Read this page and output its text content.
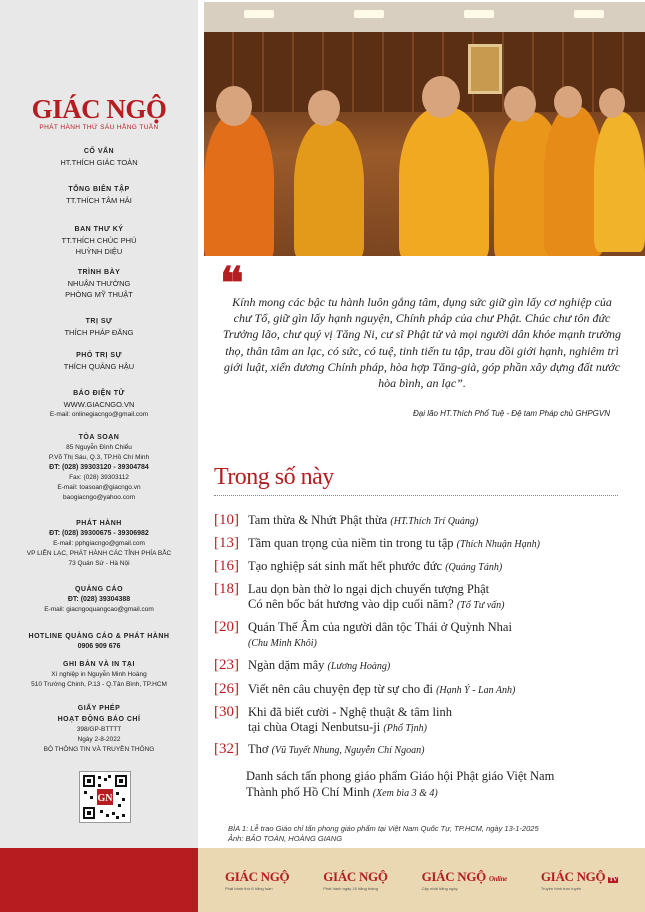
GIÁC NGỘ
PHÁT HÀNH THỨ SÁU HẰNG TUẦN
CỐ VẤN
HT.THÍCH GIÁC TOÀN
TỔNG BIÊN TẬP
TT.THÍCH TÂM HẢI
BAN THƯ KÝ
TT.THÍCH CHÚC PHÚ
HUỲNH DIỆU
TRÌNH BÀY
NHUẬN THƯỜNG
PHÒNG MỸ THUẬT
TRỊ SỰ
THÍCH PHÁP ĐĂNG
PHÓ TRỊ SỰ
THÍCH QUẢNG HẬU
BÁO ĐIỆN TỬ
WWW.GIACNGO.VN
E-mail: onlinegiacngo@gmail.com
TÒA SOẠN
85 Nguyễn Đình Chiểu
P.Võ Thị Sáu, Q.3, TP.Hồ Chí Minh
ĐT: (028) 39303120 - 39304784
Fax: (028) 39303112
E-mail: toasoan@giacngo.vn
baogiacngo@yahoo.com
PHÁT HÀNH
ĐT: (028) 39300675 - 39306982
E-mail: pphgiacngo@gmail.com
VP LIÊN LẠC, PHÁT HÀNH CÁC TỈNH PHÍA BẮC
73 Quán Sứ - Hà Nội
QUẢNG CÁO
ĐT: (028) 39304388
E-mail: giacngoquangcao@gmail.com
HOTLINE QUẢNG CÁO & PHÁT HÀNH
0906 909 676
GHI BẢN VÀ IN TẠI
Xí nghiệp in Nguyễn Minh Hoàng
510 Trường Chinh, P.13 - Q.Tân Bình, TP.HCM
GIẤY PHÉP
HOẠT ĐỘNG BÁO CHÍ
398/GP-BTTTT
Ngày 2-8-2022
BỘ THÔNG TIN VÀ TRUYỀN THÔNG
GN
❝
Kính mong các bậc tu hành luôn gắng tâm, dụng sức giữ gìn lấy cơ nghiệp của chư Tổ, giữ gìn lấy hạnh nguyện, Chính pháp của chư Phật. Chúc chư tôn đức Trưởng lão, chư quý vị Tăng Ni, cư sĩ Phật tử và mọi người dân khỏe mạnh trường thọ, thân tâm an lạc, có sức, có tuệ, tinh tiến tu tập, trau dồi giới hạnh, nghiêm trì giới luật, xiển dương Chính pháp, hòa hợp Tăng-già, góp phần xây dựng đất nước hòa bình, an lạc”.
Đại lão HT.Thích Phổ Tuệ - Đệ tam Pháp chủ GHPGVN
Trong số này
[10] Tam thừa & Nhứt Phật thừa (HT.Thích Trí Quảng)
[13] Tầm quan trọng của niềm tin trong tu tập (Thích Nhuận Hạnh)
[16] Tạo nghiệp sát sinh mất hết phước đức (Quảng Tánh)
[18] Lau dọn bàn thờ lo ngại dịch chuyển tượng Phật
Có nên bốc bát hương vào dịp cuối năm? (Tổ Tư vấn)
[20] Quán Thế Âm của người dân tộc Thái ở Quỳnh Nhai
(Chu Minh Khôi)
[23] Ngàn dặm mây (Lương Hoàng)
[26] Viết nên câu chuyện đẹp từ sự cho đi (Hạnh Ý - Lan Anh)
[30] Khi đã biết cười - Nghệ thuật & tâm linh
tại chùa Otagi Nenbutsu-ji (Phổ Tịnh)
[32] Thơ (Vũ Tuyết Nhung, Nguyễn Chí Ngoan)
Danh sách tấn phong giáo phẩm Giáo hội Phật giáo Việt Nam
Thành phố Hồ Chí Minh (Xem bìa 3 & 4)
BÌA 1: Lễ trao Giáo chỉ tấn phong giáo phẩm tại Việt Nam Quốc Tự, TP.HCM, ngày 13-1-2025
Ảnh: BẢO TOÀN, HOÀNG GIANG
GIÁC NGỘ
Phát hành thứ 6 hằng tuần
GIÁC NGỘ
Phát hành ngày 15 hằng tháng
GIÁC NGỘ Online
Cập nhật hằng ngày
GIÁC NGỘ TV
Truyền hình trực tuyến
